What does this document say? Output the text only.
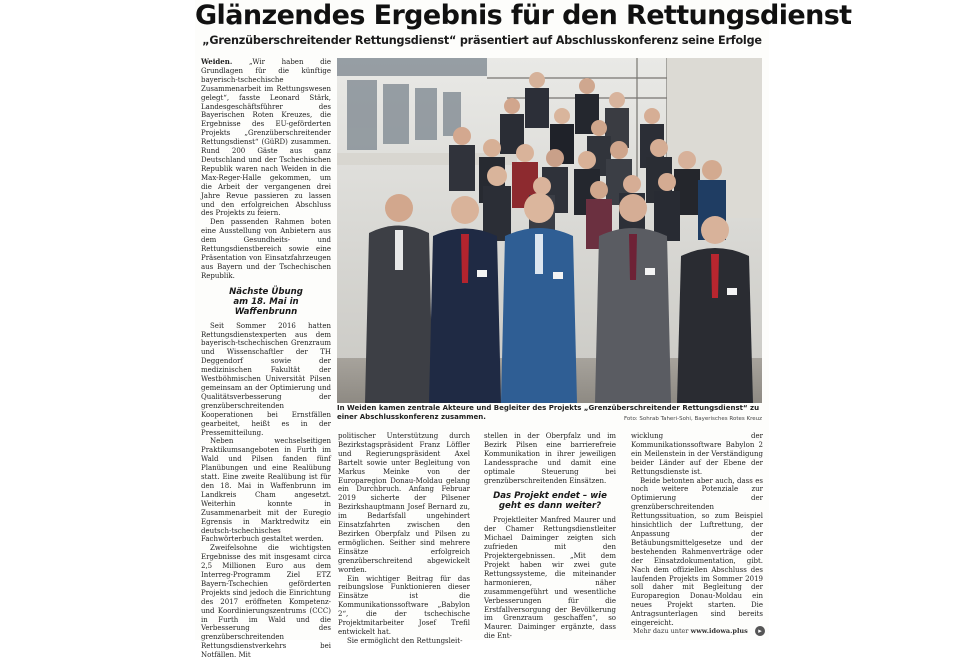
Glänzendes Ergebnis für den Rettungsdienst
„Grenzüberschreitender Rettungsdienst“ präsentiert auf Abschlusskonferenz seine Erfolge

Weiden. „Wir haben die Grundlagen für die künftige bayerisch-tschechische Zusammenarbeit im Rettungswesen gelegt“, fasste Leonard Stärk, Landesgeschäftsführer des Bayerischen Roten Kreuzes, die Ergebnisse des EU-geförderten Projekts „Grenzüberschreitender Rettungsdienst“ (GüRD) zusammen. Rund 200 Gäste aus ganz Deutschland und der Tschechischen Republik waren nach Weiden in die Max-Reger-Halle gekommen, um die Arbeit der vergangenen drei Jahre Revue passieren zu lassen und den erfolgreichen Abschluss des Projekts zu feiern.

Den passenden Rahmen boten eine Ausstellung von Anbietern aus dem Gesundheits- und Rettungsdienstbereich sowie eine Präsentation von Einsatzfahrzeugen aus Bayern und der Tschechischen Republik.

Nächste Übung
am 18. Mai in Waffenbrunn

Seit Sommer 2016 hatten Rettungsdienstexperten aus dem bayerisch-tschechischen Grenzraum und Wissenschaftler der TH Deggendorf sowie der medizinischen Fakultät der Westböhmischen Universität Pilsen gemeinsam an der Optimierung und Qualitätsverbesserung der grenzüberschreitenden Kooperationen bei Ernstfällen gearbeitet, heißt es in der Pressemitteilung.

Neben wechselseitigen Praktikumsangeboten in Furth im Wald und Pilsen fanden fünf Planübungen und eine Realübung statt. Eine zweite Realübung ist für den 18. Mai in Waffenbrunn im Landkreis Cham angesetzt. Weiterhin konnte in Zusammenarbeit mit der Euregio Egrensis in Marktredwitz ein deutsch-tschechisches Fachwörterbuch gestaltet werden.

Zweifelsohne die wichtigsten Ergebnisse des mit insgesamt circa 2,5 Millionen Euro aus dem Interreg-Programm Ziel ETZ Bayern-Tschechien geförderten Projekts sind jedoch die Einrichtung des 2017 eröffneten Kompetenz- und Koordinierungszentrums (CCC) in Furth im Wald und die Verbesserung des grenzüberschreitenden Rettungsdienstverkehrs bei Notfällen. Mit

In Weiden kamen zentrale Akteure und Begleiter des Projekts „Grenzüberschreitender Rettungsdienst“ zu einer Abschlusskonferenz zusammen.	Foto: Sohrab Taheri-Sohi, Bayerisches Rotes Kreuz

politischer Unterstützung durch Bezirkstagspräsident Franz Löffler und Regierungspräsident Axel Bartelt sowie unter Begleitung von Markus Meinke von der Europaregion Donau-Moldau gelang ein Durchbruch. Anfang Februar 2019 sicherte der Pilsener Bezirkshauptmann Josef Bernard zu, im Bedarfsfall ungehindert Einsatzfahrten zwischen den Bezirken Oberpfalz und Pilsen zu ermöglichen. Seither sind mehrere Einsätze erfolgreich grenzüberschreitend abgewickelt worden.

Ein wichtiger Beitrag für das reibungslose Funktionieren dieser Einsätze ist die Kommunikationssoftware „Babylon 2“, die der tschechische Projektmitarbeiter Josef Trefil entwickelt hat.

Sie ermöglicht den Rettungsleit-

stellen in der Oberpfalz und im Bezirk Pilsen eine barrierefreie Kommunikation in ihrer jeweiligen Landessprache und damit eine optimale Steuerung bei grenzüberschreitenden Einsätzen.

Das Projekt endet – wie
geht es dann weiter?

Projektleiter Manfred Maurer und der Chamer Rettungsdienstleiter Michael Daiminger zeigten sich zufrieden mit den Projektergebnissen. „Mit dem Projekt haben wir zwei gute Rettungssysteme, die miteinander harmonieren, näher zusammengeführt und wesentliche Verbesserungen für die Erstfallversorgung der Bevölkerung im Grenzraum geschaffen“, so Maurer. Daiminger ergänzte, dass die Ent-

wicklung der Kommunikationssoftware Babylon 2 ein Meilenstein in der Verständigung beider Länder auf der Ebene der Rettungsdienste ist.

Beide betonten aber auch, dass es noch weitere Potenziale zur Optimierung der grenzüberschreitenden Rettungssituation, so zum Beispiel hinsichtlich der Luftrettung, der Anpassung der Betäubungsmittelgesetze und der bestehenden Rahmenverträge oder der Einsatzdokumentation, gibt. Nach dem offiziellen Abschluss des laufenden Projekts im Sommer 2019 soll daher mit Begleitung der Europaregion Donau-Moldau ein neues Projekt starten. Die Antragsunterlagen sind bereits eingereicht.

Mehr dazu unter www.idowa.plus	▸
